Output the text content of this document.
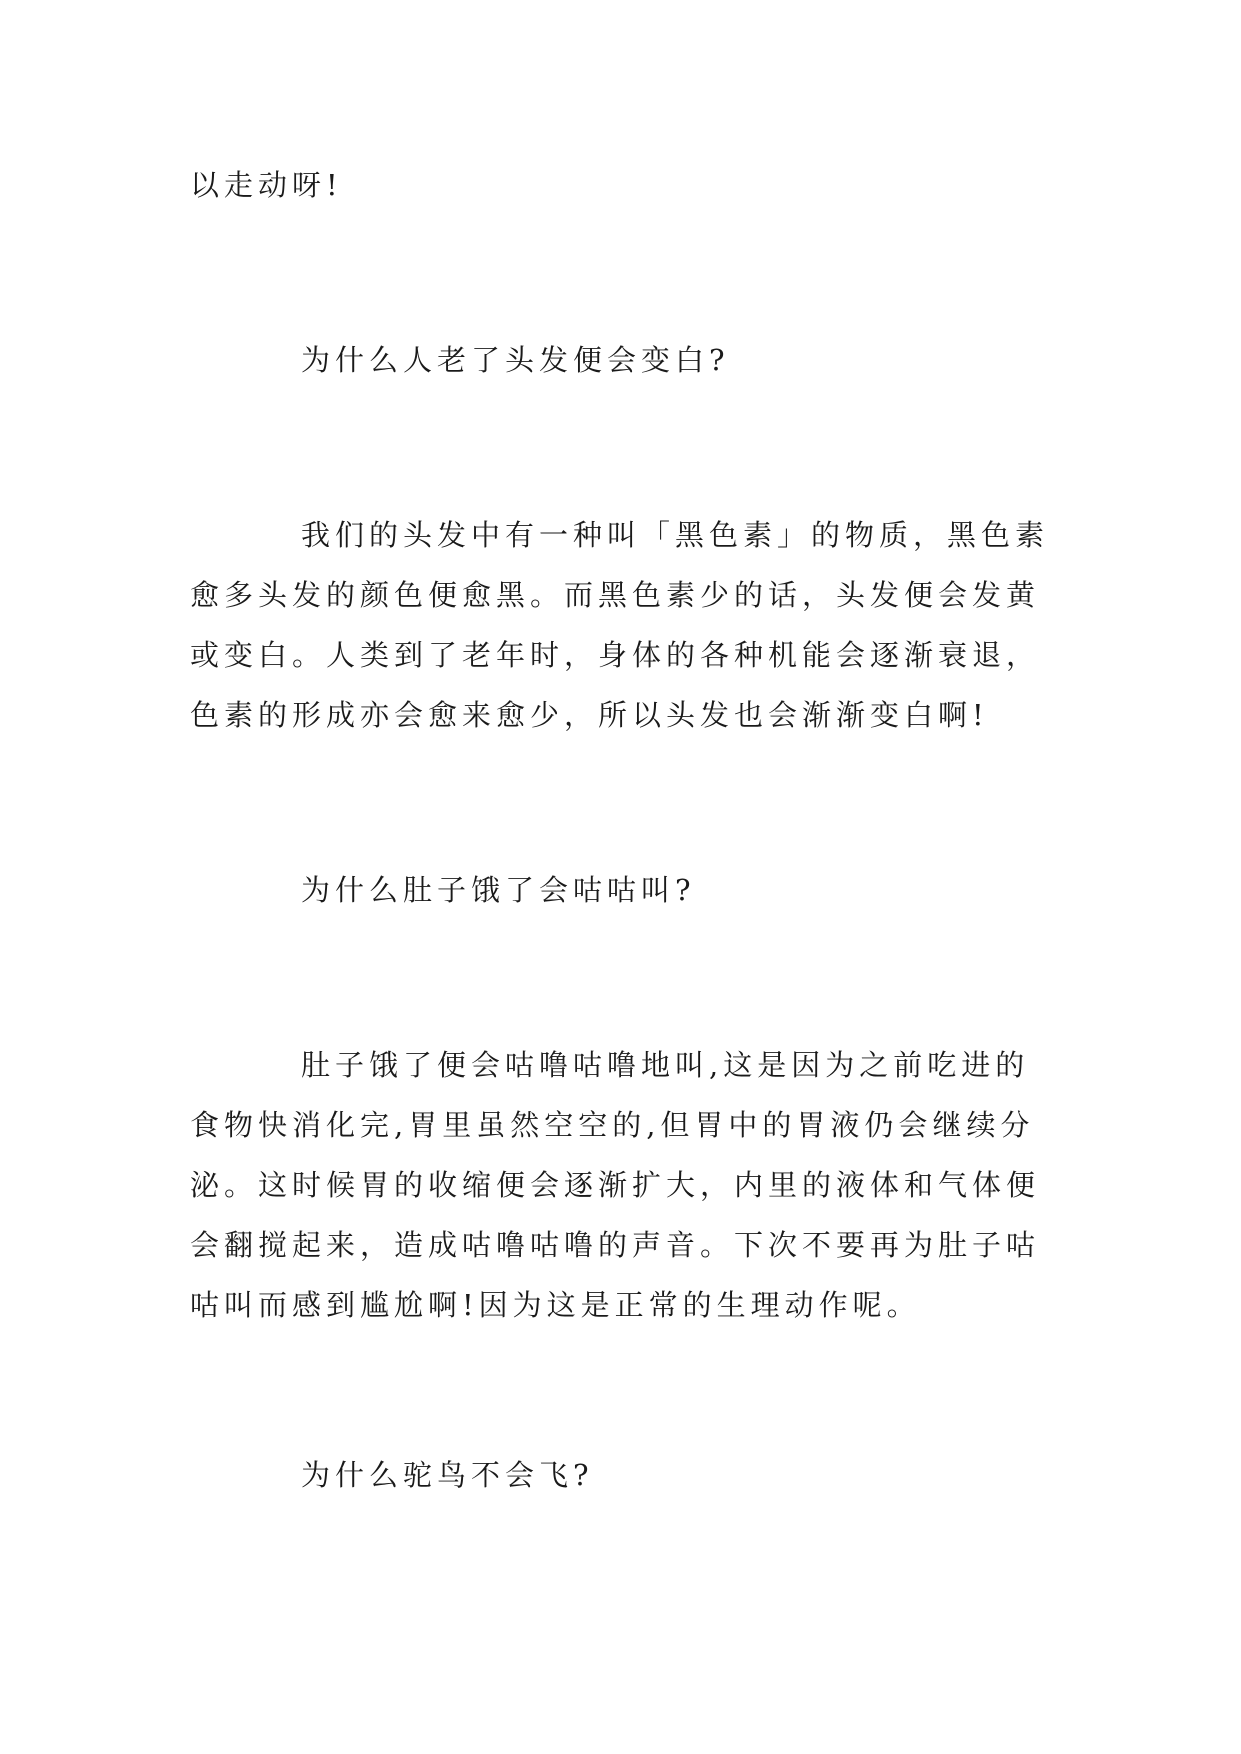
以走动呀!

为什么人老了头发便会变白?

我们的头发中有一种叫「黑色素」的物质，黑色素愈多头发的颜色便愈黑。而黑色素少的话，头发便会发黄或变白。人类到了老年时，身体的各种机能会逐渐衰退，色素的形成亦会愈来愈少，所以头发也会渐渐变白啊!

为什么肚子饿了会咕咕叫?

肚子饿了便会咕噜咕噜地叫,这是因为之前吃进的食物快消化完,胃里虽然空空的,但胃中的胃液仍会继续分泌。这时候胃的收缩便会逐渐扩大，内里的液体和气体便会翻搅起来，造成咕噜咕噜的声音。下次不要再为肚子咕咕叫而感到尴尬啊!因为这是正常的生理动作呢。

为什么驼鸟不会飞?
